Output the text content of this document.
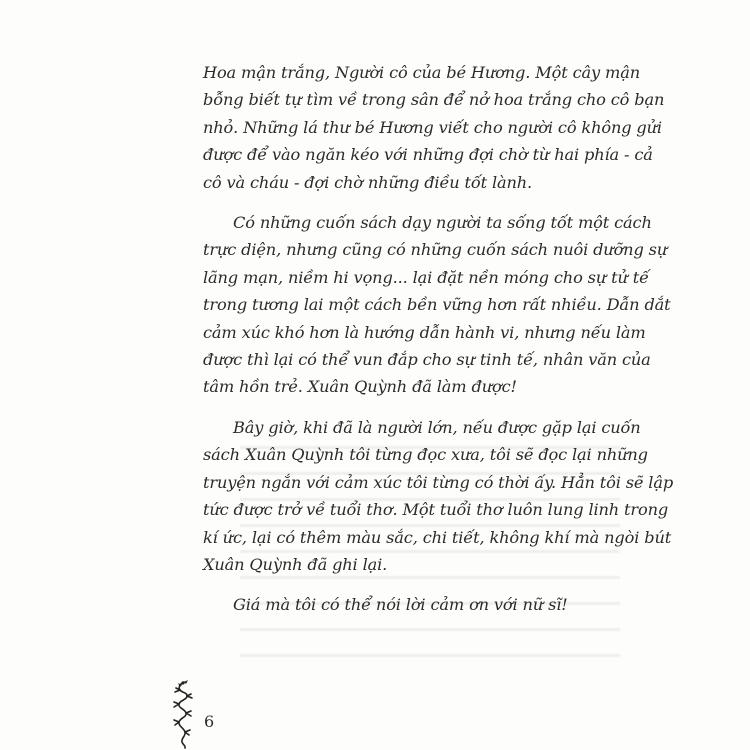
Hoa mận trắng, Người cô của bé Hương. Một cây mận
bỗng biết tự tìm về trong sân để nở hoa trắng cho cô bạn
nhỏ. Những lá thư bé Hương viết cho người cô không gửi
được để vào ngăn kéo với những đợi chờ từ hai phía - cả
cô và cháu - đợi chờ những điều tốt lành.

Có những cuốn sách dạy người ta sống tốt một cách
trực diện, nhưng cũng có những cuốn sách nuôi dưỡng sự
lãng mạn, niềm hi vọng... lại đặt nền móng cho sự tử tế
trong tương lai một cách bền vững hơn rất nhiều. Dẫn dắt
cảm xúc khó hơn là hướng dẫn hành vi, nhưng nếu làm
được thì lại có thể vun đắp cho sự tinh tế, nhân văn của
tâm hồn trẻ. Xuân Quỳnh đã làm được!

Bây giờ, khi đã là người lớn, nếu được gặp lại cuốn
sách Xuân Quỳnh tôi từng đọc xưa, tôi sẽ đọc lại những
truyện ngắn với cảm xúc tôi từng có thời ấy. Hẳn tôi sẽ lập
tức được trở về tuổi thơ. Một tuổi thơ luôn lung linh trong
kí ức, lại có thêm màu sắc, chi tiết, không khí mà ngòi bút
Xuân Quỳnh đã ghi lại.

Giá mà tôi có thể nói lời cảm ơn với nữ sĩ!

6
